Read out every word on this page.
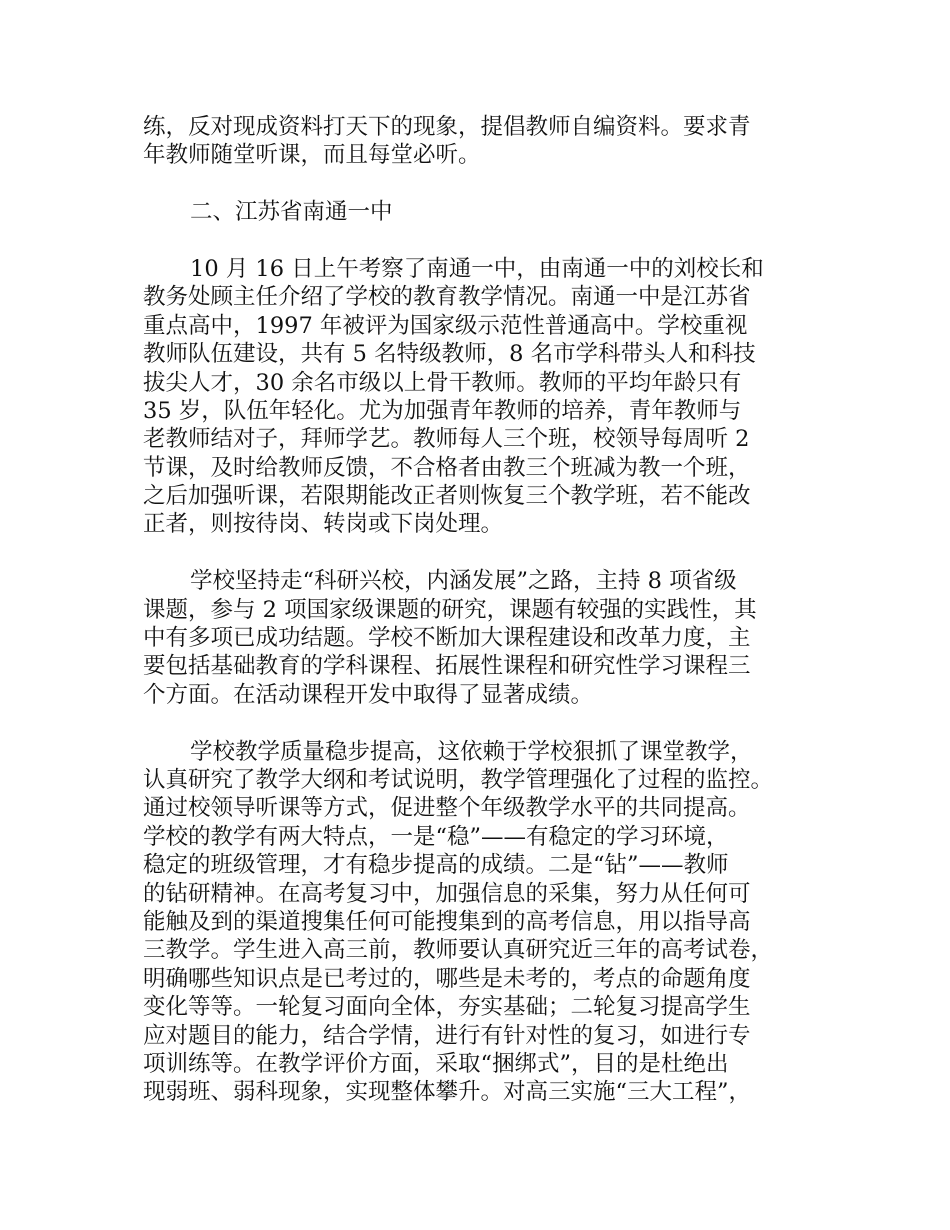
练，反对现成资料打天下的现象，提倡教师自编资料。要求青
年教师随堂听课，而且每堂必听。
二、江苏省南通一中
10 月 16 日上午考察了南通一中，由南通一中的刘校长和
教务处顾主任介绍了学校的教育教学情况。南通一中是江苏省
重点高中，1997 年被评为国家级示范性普通高中。学校重视
教师队伍建设，共有 5 名特级教师，8 名市学科带头人和科技
拔尖人才，30 余名市级以上骨干教师。教师的平均年龄只有
35 岁，队伍年轻化。尤为加强青年教师的培养，青年教师与
老教师结对子，拜师学艺。教师每人三个班，校领导每周听 2
节课，及时给教师反馈，不合格者由教三个班减为教一个班，
之后加强听课，若限期能改正者则恢复三个教学班，若不能改
正者，则按待岗、转岗或下岗处理。
学校坚持走“科研兴校，内涵发展”之路，主持 8 项省级
课题，参与 2 项国家级课题的研究，课题有较强的实践性，其
中有多项已成功结题。学校不断加大课程建设和改革力度，主
要包括基础教育的学科课程、拓展性课程和研究性学习课程三
个方面。在活动课程开发中取得了显著成绩。
学校教学质量稳步提高，这依赖于学校狠抓了课堂教学，
认真研究了教学大纲和考试说明，教学管理强化了过程的监控。
通过校领导听课等方式，促进整个年级教学水平的共同提高。
学校的教学有两大特点，一是“稳”——有稳定的学习环境，
稳定的班级管理，才有稳步提高的成绩。二是“钻”——教师
的钻研精神。在高考复习中，加强信息的采集，努力从任何可
能触及到的渠道搜集任何可能搜集到的高考信息，用以指导高
三教学。学生进入高三前，教师要认真研究近三年的高考试卷，
明确哪些知识点是已考过的，哪些是未考的，考点的命题角度
变化等等。一轮复习面向全体，夯实基础；二轮复习提高学生
应对题目的能力，结合学情，进行有针对性的复习，如进行专
项训练等。在教学评价方面，采取“捆绑式”，目的是杜绝出
现弱班、弱科现象，实现整体攀升。对高三实施“三大工程”，
